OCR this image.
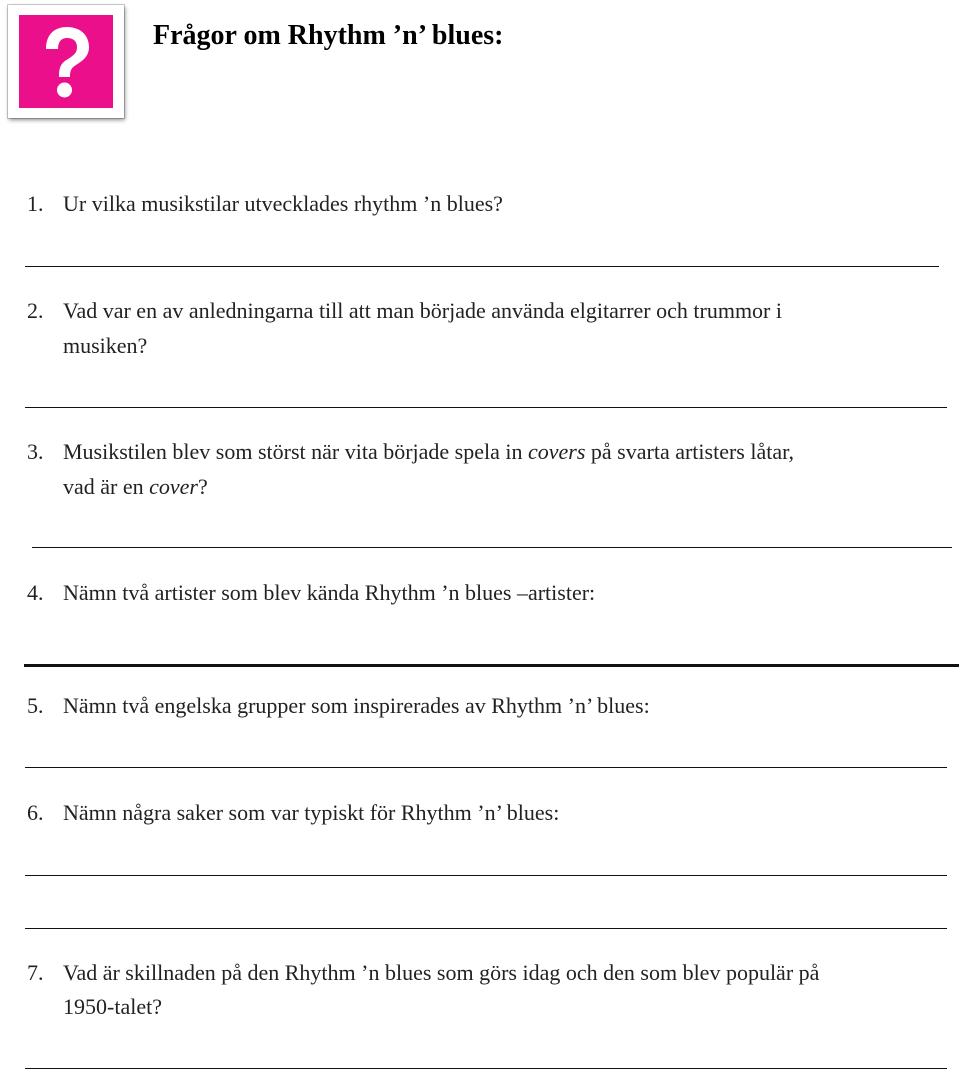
Frågor om Rhythm ’n’ blues:
1. Ur vilka musikstilar utvecklades rhythm ’n blues?
2. Vad var en av anledningarna till att man började använda elgitarrer och trummor i
musiken?
3. Musikstilen blev som störst när vita började spela in covers på svarta artisters låtar,
vad är en cover?
4. Nämn två artister som blev kända Rhythm ’n blues –artister:
5. Nämn två engelska grupper som inspirerades av Rhythm ’n’ blues:
6. Nämn några saker som var typiskt för Rhythm ’n’ blues:
7. Vad är skillnaden på den Rhythm ’n blues som görs idag och den som blev populär på
1950-talet?
